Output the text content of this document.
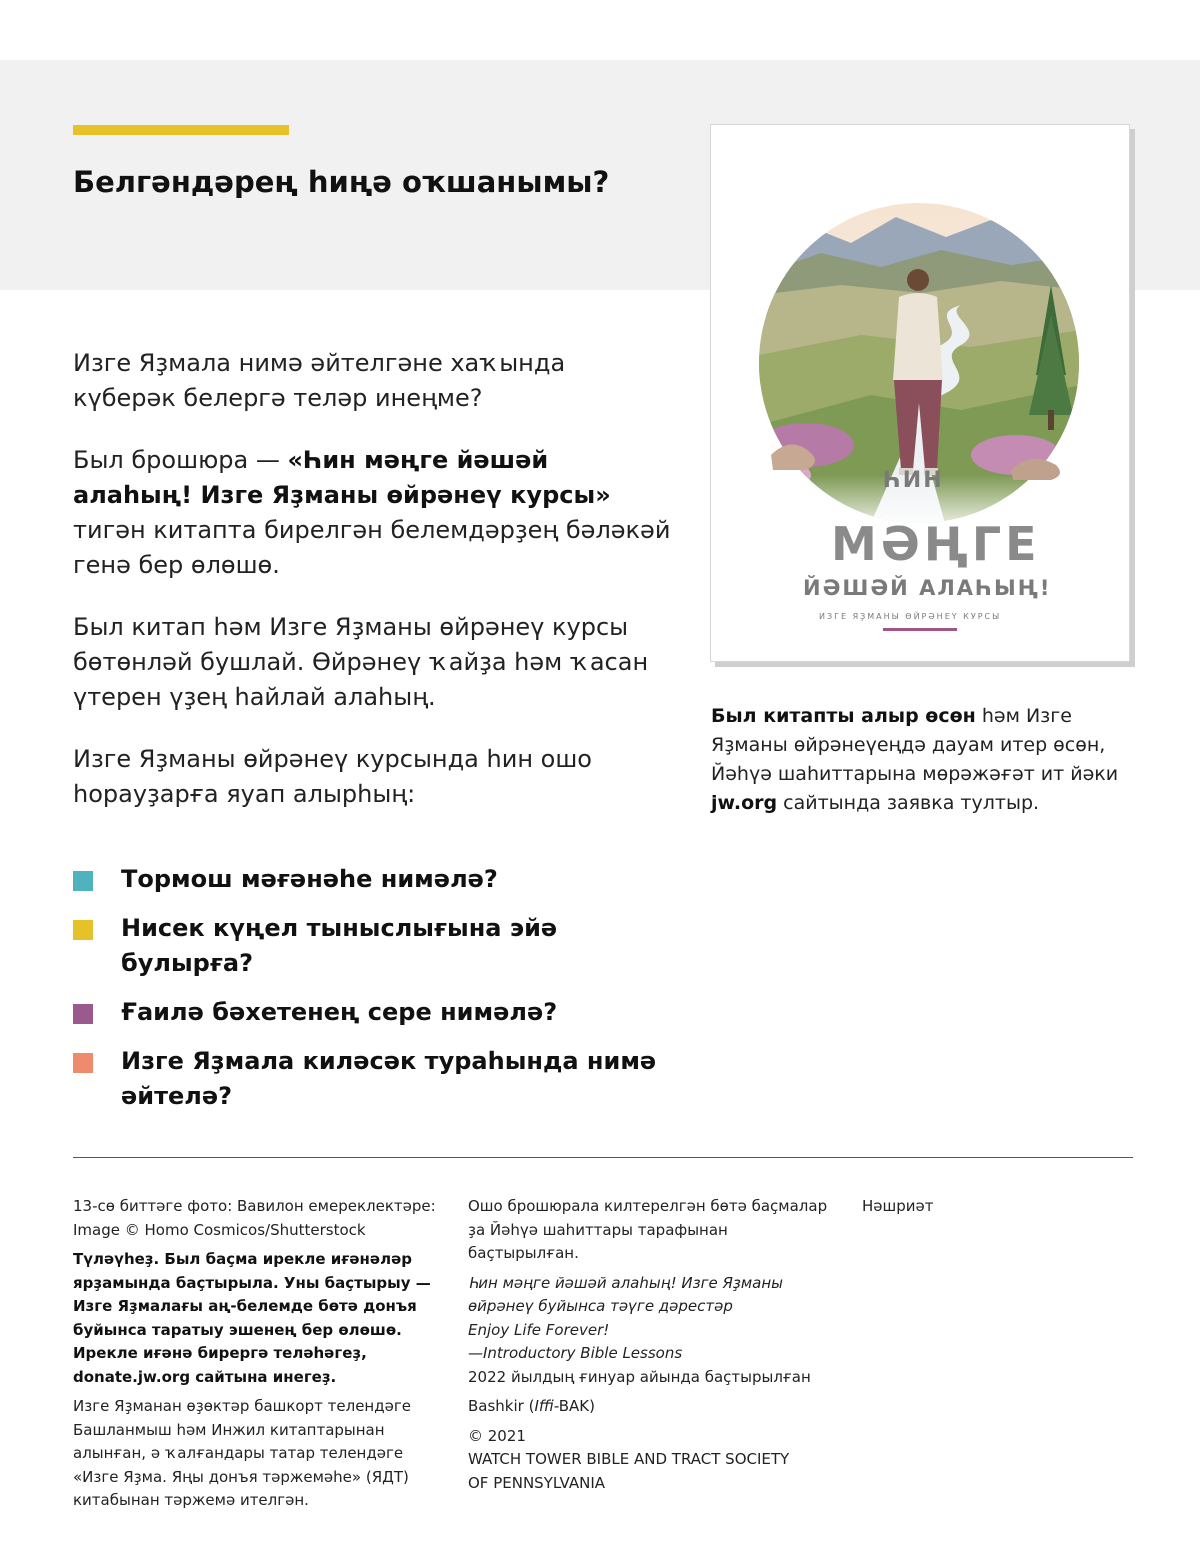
Белгәндәрең һиңә оҡшанымы?

Изге Яҙмала нимә әйтелгәне хаҡында күберәк белергә теләр инеңме?

Был брошюра — «Һин мәңге йәшәй алаһың! Изге Яҙманы өйрәнеү курсы» тигән китапта бирелгән белемдәрҙең бәләкәй генә бер өлөшө.

Был китап һәм Изге Яҙманы өйрәнеү курсы бөтөнләй бушлай. Өйрәнеү ҡайҙа һәм ҡасан үтерен үҙең һайлай алаһың.

Изге Яҙманы өйрәнеү курсында һин ошо һорауҙарға яуап алырһың:

Тормош мәғәнәһе нимәлә?
Нисек күңел тыныслығына эйә булырға?
Ғаилә бәхетенең сере нимәлә?
Изге Яҙмала киләсәк тураһында нимә әйтелә?
ҺИН
МӘҢГЕ
ЙӘШӘЙ АЛАҺЫҢ!
ИЗГЕ ЯҘМАНЫ ӨЙРӘНЕҮ КУРСЫ

Был китапты алыр өсөн һәм Изге Яҙманы өйрәнеүеңдә дауам итер өсөн, Йәһүә шаһиттарына мөрәжәғәт ит йәки jw.org сайтында заявка тултыр.

13-сө биттәге фото: Вавилон емереклектәре: Image © Homo Cosmicos/Shutterstock

Түләүһеҙ. Был баҫма ирекле иғәнәләр ярҙамында баҫтырыла. Уны баҫтырыу — Изге Яҙмалағы аң-белемде бөтә донъя буйынса таратыу эшенең бер өлөшө. Ирекле иғәнә бирергә теләһәгеҙ, donate.jw.org сайтына инегеҙ.

Изге Яҙманан өҙөктәр башкорт телендәге Башланмыш һәм Инжил китаптарынан алынған, ә ҡалғандары татар телендәге «Изге Яҙма. Яңы донъя тәржемәһе» (ЯДТ) китабынан тәржемә ителгән.

Ошо брошюрала килтерелгән бөтә баҫмалар ҙа Йәһүә шаһиттары тарафынан баҫтырылған.

Һин мәңге йәшәй алаһың! Изге Яҙманы
өйрәнеү буйынса тәүге дәрестәр
Enjoy Life Forever!
—Introductory Bible Lessons

2022 йылдың ғинуар айында баҫтырылған

Bashkir (Iffi-BAK)

© 2021
WATCH TOWER BIBLE AND TRACT SOCIETY
OF PENNSYLVANIA

Нәшриәт
